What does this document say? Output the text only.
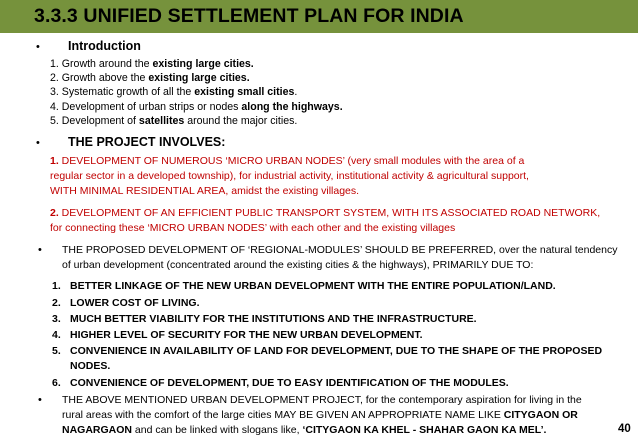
3.3.3 UNIFIED SETTLEMENT PLAN FOR INDIA
• Introduction
1. Growth around the existing large cities.
2. Growth above the existing large cities.
3. Systematic growth of all the existing small cities.
4. Development of urban strips or nodes along the highways.
5. Development of satellites around the major cities.
• THE PROJECT INVOLVES:
1. DEVELOPMENT OF NUMEROUS ‘MICRO URBAN NODES’ (very small modules with the area of a
regular sector in a developed township), for industrial activity, institutional activity & agricultural support,
WITH MINIMAL RESIDENTIAL AREA, amidst the existing villages.
2. DEVELOPMENT OF AN EFFICIENT PUBLIC TRANSPORT SYSTEM, WITH ITS ASSOCIATED ROAD NETWORK,
for connecting these ‘MICRO URBAN NODES’ with each other and the existing villages
• THE PROPOSED DEVELOPMENT OF ‘REGIONAL-MODULES’ SHOULD BE PREFERRED, over the natural tendency
of urban development (concentrated around the existing cities & the highways), PRIMARILY DUE TO:
1. BETTER LINKAGE OF THE NEW URBAN DEVELOPMENT WITH THE ENTIRE POPULATION/LAND.
2. LOWER COST OF LIVING.
3. MUCH BETTER VIABILITY FOR THE INSTITUTIONS AND THE INFRASTRUCTURE.
4. HIGHER LEVEL OF SECURITY FOR THE NEW URBAN DEVELOPMENT.
5. CONVENIENCE IN AVAILABILITY OF LAND FOR DEVELOPMENT, DUE TO THE SHAPE OF THE PROPOSED
NODES.
6. CONVENIENCE OF DEVELOPMENT, DUE TO EASY IDENTIFICATION OF THE MODULES.
• THE ABOVE MENTIONED URBAN DEVELOPMENT PROJECT, for the contemporary aspiration for living in the
rural areas with the comfort of the large cities MAY BE GIVEN AN APPROPRIATE NAME LIKE CITYGAON OR
NAGARGAON and can be linked with slogans like, ‘CITYGAON KA KHEL - SHAHAR GAON KA MEL’.	40
